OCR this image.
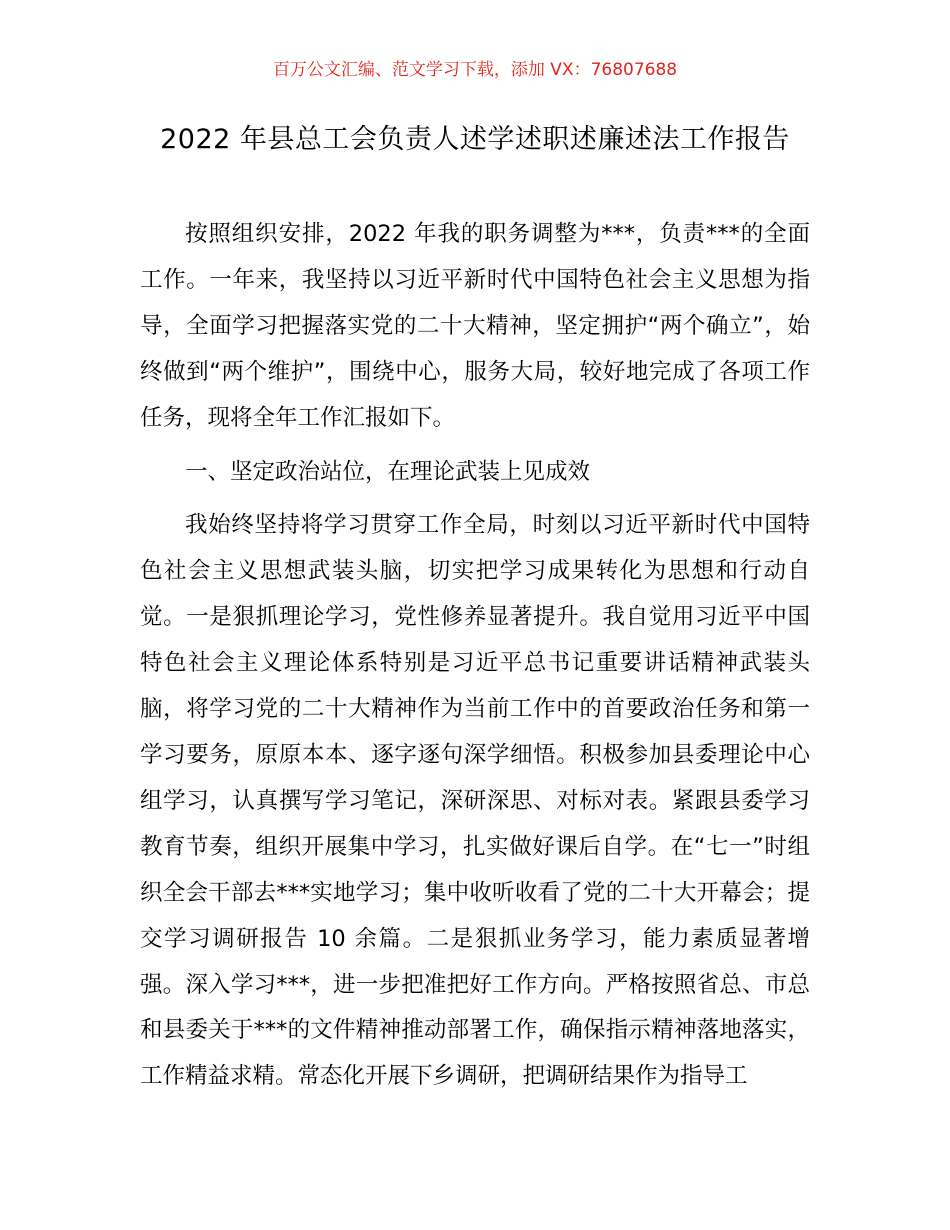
百万公文汇编、范文学习下载，添加 VX：76807688
2022 年县总工会负责人述学述职述廉述法工作报告

按照组织安排，2022 年我的职务调整为***，负责***的全面工作。一年来，我坚持以习近平新时代中国特色社会主义思想为指导，全面学习把握落实党的二十大精神，坚定拥护“两个确立”，始终做到“两个维护”，围绕中心，服务大局，较好地完成了各项工作任务，现将全年工作汇报如下。

一、坚定政治站位，在理论武装上见成效

我始终坚持将学习贯穿工作全局，时刻以习近平新时代中国特色社会主义思想武装头脑，切实把学习成果转化为思想和行动自觉。一是狠抓理论学习，党性修养显著提升。我自觉用习近平中国特色社会主义理论体系特别是习近平总书记重要讲话精神武装头脑，将学习党的二十大精神作为当前工作中的首要政治任务和第一学习要务，原原本本、逐字逐句深学细悟。积极参加县委理论中心组学习，认真撰写学习笔记，深研深思、对标对表。紧跟县委学习教育节奏，组织开展集中学习，扎实做好课后自学。在“七一”时组织全会干部去***实地学习；集中收听收看了党的二十大开幕会；提交学习调研报告 10 余篇。二是狠抓业务学习，能力素质显著增强。深入学习***，进一步把准把好工作方向。严格按照省总、市总和县委关于***的文件精神推动部署工作，确保指示精神落地落实，工作精益求精。常态化开展下乡调研，把调研结果作为指导工
